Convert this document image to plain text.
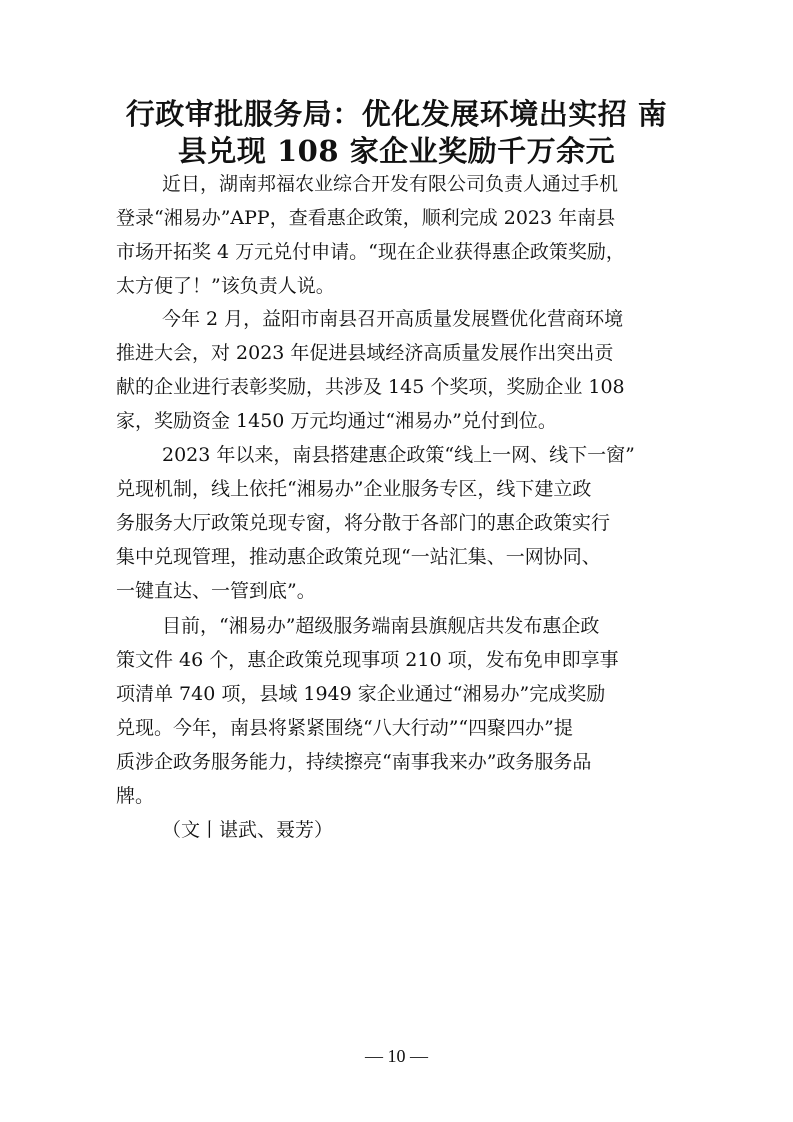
行政审批服务局：优化发展环境出实招 南
县兑现 108 家企业奖励千万余元
近日，湖南邦福农业综合开发有限公司负责人通过手机
登录“湘易办”APP，查看惠企政策，顺利完成 2023 年南县
市场开拓奖 4 万元兑付申请。“现在企业获得惠企政策奖励，
太方便了！”该负责人说。
今年 2 月，益阳市南县召开高质量发展暨优化营商环境
推进大会，对 2023 年促进县域经济高质量发展作出突出贡
献的企业进行表彰奖励，共涉及 145 个奖项，奖励企业 108
家，奖励资金 1450 万元均通过“湘易办”兑付到位。
2023 年以来，南县搭建惠企政策“线上一网、线下一窗”
兑现机制，线上依托“湘易办”企业服务专区，线下建立政
务服务大厅政策兑现专窗，将分散于各部门的惠企政策实行
集中兑现管理，推动惠企政策兑现“一站汇集、一网协同、
一键直达、一管到底”。
目前，“湘易办”超级服务端南县旗舰店共发布惠企政
策文件 46 个，惠企政策兑现事项 210 项，发布免申即享事
项清单 740 项，县域 1949 家企业通过“湘易办”完成奖励
兑现。今年，南县将紧紧围绕“八大行动”“四聚四办”提
质涉企政务服务能力，持续擦亮“南事我来办”政务服务品
牌。
（文丨谌武、聂芳）
— 10 —
